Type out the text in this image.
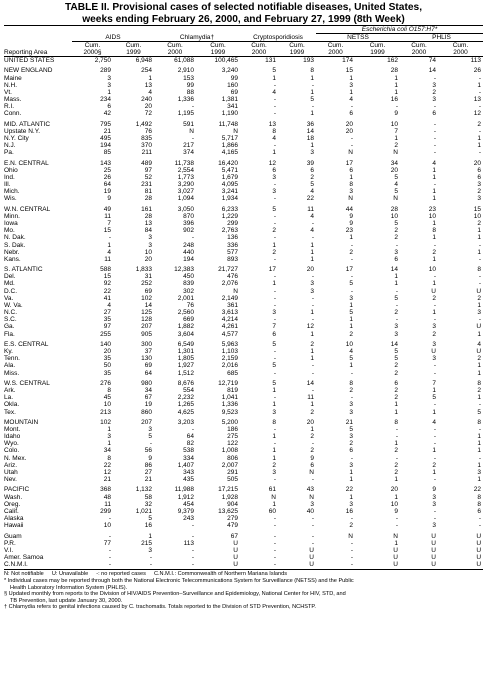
TABLE II. Provisional cases of selected notifiable diseases, United States,
weeks ending February 26, 2000, and February 27, 1999 (8th Week)
							Escherichia coli O157:H7*			
	AIDS		Chlamydia†		Cryptosporidiosis		NETSS		PHLIS	
	Cum.	Cum.	Cum.	Cum.	Cum.	Cum.	Cum.	Cum.	Cum.	Cum.
Reporting Area	2000§	1999	2000	1999	2000	1999	2000	1999	2000	2000
UNITED STATES	2,750	6,948	61,088	100,465	131	193	174	162	74	113

NEW ENGLAND	289	254	2,910	3,240	5	8	15	28	14	26
Maine	3	1	153	99	1	1	1	1	-	-
N.H.	3	13	99	160	-	-	3	1	3	1
Vt.	1	4	88	69	4	1	1	1	2	-
Mass.	234	240	1,336	1,381	-	5	4	16	3	13
R.I.	6	20	-	341	-	-	-	-	-	-
Conn.	42	72	1,195	1,190	-	1	6	9	6	12

MID. ATLANTIC	795	1,492	591	11,748	13	36	20	10	-	2
Upstate N.Y.	21	76	N	N	8	14	20	7	-	-
N.Y. City	495	835	-	5,717	4	18	-	1	-	1
N.J.	194	370	217	1,866	-	1	-	2	-	1
Pa.	85	211	374	4,165	1	3	N	N	-	-

E.N. CENTRAL	143	489	11,738	16,420	12	39	17	34	4	20
Ohio	25	97	2,554	5,471	6	6	6	20	1	6
Ind.	26	52	1,773	1,679	3	2	1	5	1	6
Ill.	64	231	3,290	4,095	-	5	8	4	-	3
Mich.	19	81	3,027	3,241	3	4	3	5	1	2
Wis.	9	28	1,094	1,934	-	22	N	N	1	3

W.N. CENTRAL	49	161	3,050	6,233	5	11	44	28	23	15
Minn.	11	28	870	1,229	-	4	9	10	10	10
Iowa	7	13	396	299	-	-	9	5	1	2
Mo.	15	84	902	2,763	2	4	23	2	8	1
N. Dak.	-	3	-	136	-	-	1	2	1	1
S. Dak.	1	3	248	336	1	1	-	-	-	-
Nebr.	4	10	440	577	2	1	2	3	2	1
Kans.	11	20	194	893	-	1	-	6	1	-

S. ATLANTIC	588	1,833	12,383	21,727	17	20	17	14	10	8
Del.	15	31	450	476	-	-	-	1	-	-
Md.	92	252	839	2,076	1	3	5	1	1	-
D.C.	22	69	302	N	-	3	-	-	U	U
Va.	41	102	2,001	2,149	-	-	3	5	2	2
W. Va.	4	14	76	361	-	-	1	-	-	1
N.C.	27	125	2,560	3,613	3	1	5	2	1	3
S.C.	35	128	669	4,214	-	-	1	-	-	-
Ga.	97	207	1,882	4,261	7	12	1	3	3	U
Fla.	255	905	3,604	4,577	6	1	2	3	2	1

E.S. CENTRAL	140	300	6,549	5,963	5	2	10	14	3	4
Ky.	20	37	1,301	1,103	-	1	4	5	U	U
Tenn.	35	130	1,805	2,159	-	1	5	5	3	2
Ala.	50	69	1,927	2,016	5	-	1	2	-	1
Miss.	35	64	1,512	685	-	-	-	2	-	1

W.S. CENTRAL	276	980	8,676	12,719	5	14	8	6	7	8
Ark.	8	34	554	819	1	-	2	2	1	2
La.	45	67	2,232	1,041	-	11	-	2	5	1
Okla.	10	19	1,265	1,336	1	1	3	1	-	-
Tex.	213	860	4,625	9,523	3	2	3	1	1	5

MOUNTAIN	102	207	3,203	5,200	8	20	21	8	4	8
Mont.	1	3	-	186	-	1	5	-	-	-
Idaho	3	5	64	275	1	2	3	-	-	1
Wyo.	1	-	82	122	-	-	2	1	-	1
Colo.	34	56	538	1,008	1	2	6	2	1	1
N. Mex.	8	9	334	806	1	9	-	-	-	-
Ariz.	22	86	1,407	2,007	2	6	3	2	2	1
Utah	12	27	343	291	3	N	1	2	1	3
Nev.	21	21	435	505	-	-	1	1	-	1

PACIFIC	368	1,132	11,988	17,215	61	43	22	20	9	22
Wash.	48	58	1,912	1,928	N	N	1	1	3	8
Oreg.	11	32	454	904	1	3	3	10	3	8
Calif.	299	1,021	9,379	13,625	60	40	16	9	-	6
Alaska	-	5	243	279	-	-	-	-	-	-
Hawaii	10	16	-	479	-	-	2	-	3	-

Guam	-	1	-	67	-	-	N	N	U	U
P.R.	77	215	113	U	-	-	-	1	U	U
V.I.	-	3	-	U	-	U	-	U	U	U
Amer. Samoa	-	-	-	U	-	U	-	U	U	U
C.N.M.I.	-	-	-	U	-	U	-	U	U	U
N: Not notifiable U: Unavailable -: no reported cases C.N.M.I.: Commonwealth of Northern Mariana Islands
* Individual cases may be reported through both the National Electronic Telecommunications System for Surveillance (NETSS) and the Public
Health Laboratory Information System (PHLIS).
§ Updated monthly from reports to the Division of HIV/AIDS Prevention–Surveillance and Epidemiology, National Center for HIV, STD, and
TB Prevention, last update January 30, 2000.
† Chlamydia refers to genital infections caused by C. trachomatis. Totals reported to the Division of STD Prevention, NCHSTP.
